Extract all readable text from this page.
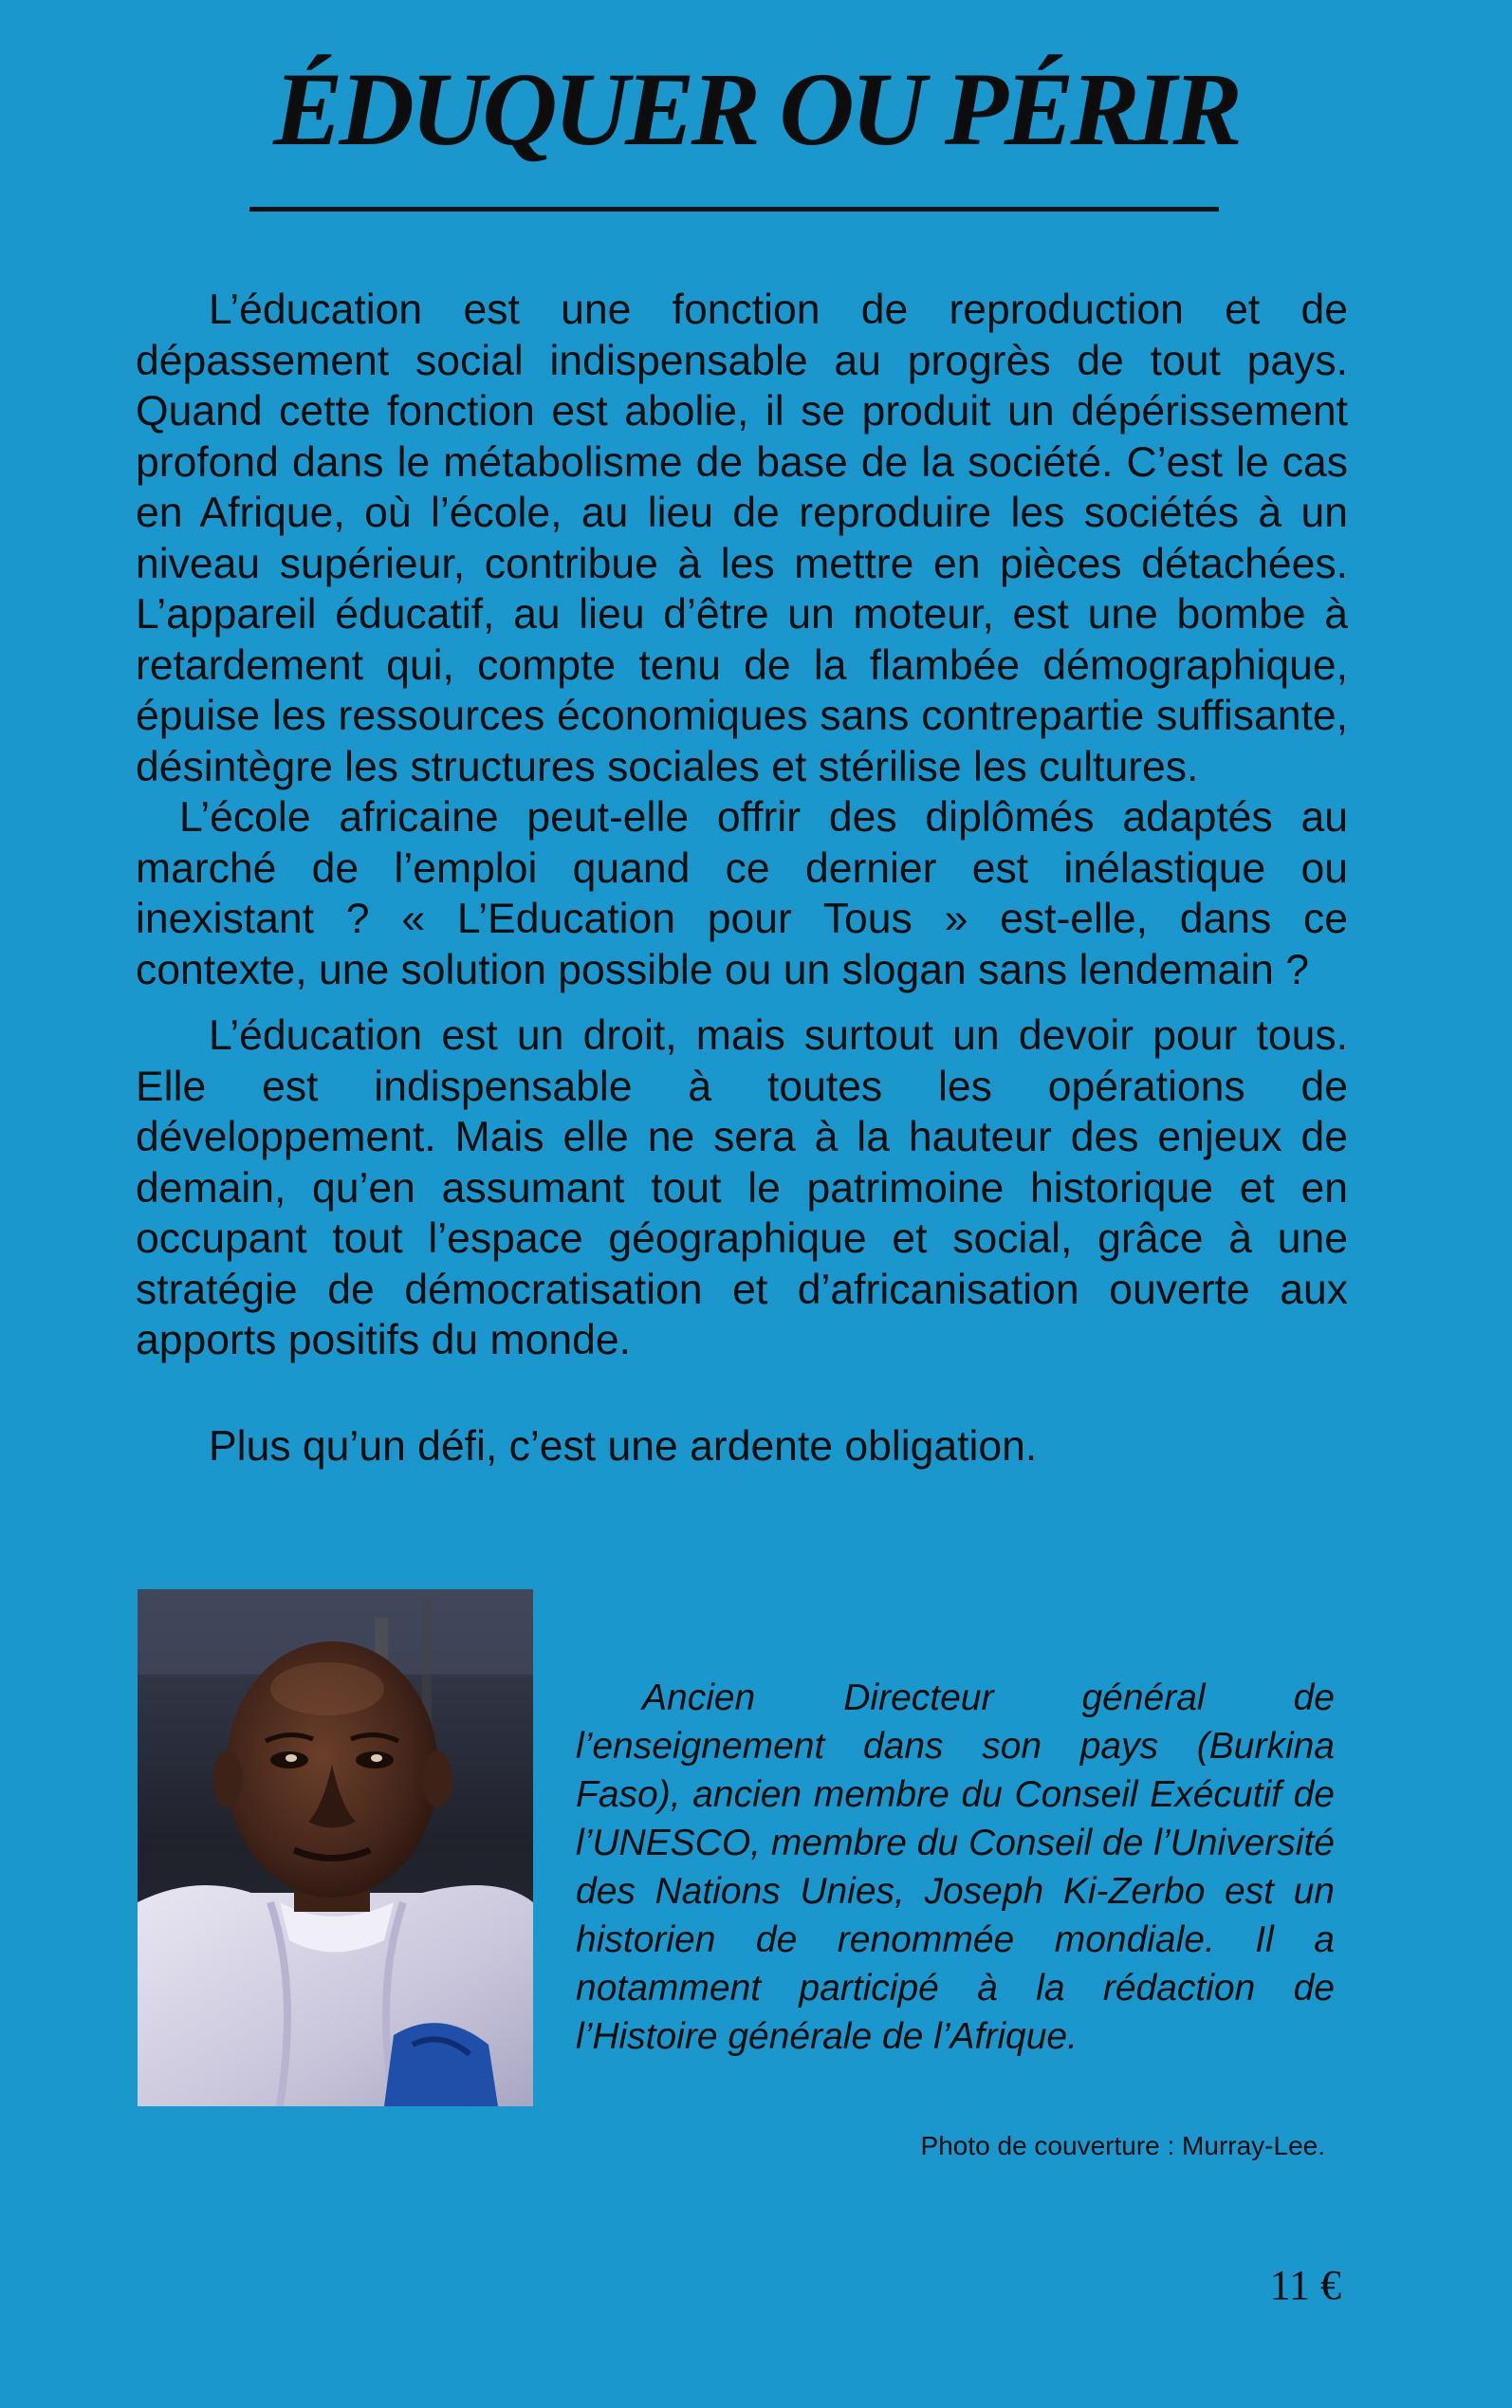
ÉDUQUER OU PÉRIR

L’éducation est une fonction de reproduction et de dépassement social indispensable au progrès de tout pays. Quand cette fonction est abolie, il se produit un dépérissement profond dans le métabolisme de base de la société. C’est le cas en Afrique, où l’école, au lieu de reproduire les sociétés à un niveau supérieur, contribue à les mettre en pièces détachées. L’appareil éducatif, au lieu d’être un moteur, est une bombe à retardement qui, compte tenu de la flambée démographique, épuise les ressources économiques sans contrepartie suffisante, désintègre les structures sociales et stérilise les cultures.

L’école africaine peut-elle offrir des diplômés adaptés au marché de l’emploi quand ce dernier est inélastique ou inexistant ? « L’Education pour Tous » est-elle, dans ce contexte, une solution possible ou un slogan sans lendemain ?

L’éducation est un droit, mais surtout un devoir pour tous. Elle est indispensable à toutes les opérations de développement. Mais elle ne sera à la hauteur des enjeux de demain, qu’en assumant tout le patrimoine historique et en occupant tout l’espace géographique et social, grâce à une stratégie de démocratisation et d’africanisation ouverte aux apports positifs du monde.

Plus qu’un défi, c’est une ardente obligation.

Ancien Directeur général de l’enseignement dans son pays (Burkina Faso), ancien membre du Conseil Exécutif de l’UNESCO, membre du Conseil de l’Université des Nations Unies, Joseph Ki-Zerbo est un historien de renommée mondiale. Il a notamment participé à la rédaction de l’Histoire générale de l’Afrique.

Photo de couverture : Murray-Lee.

11 €
